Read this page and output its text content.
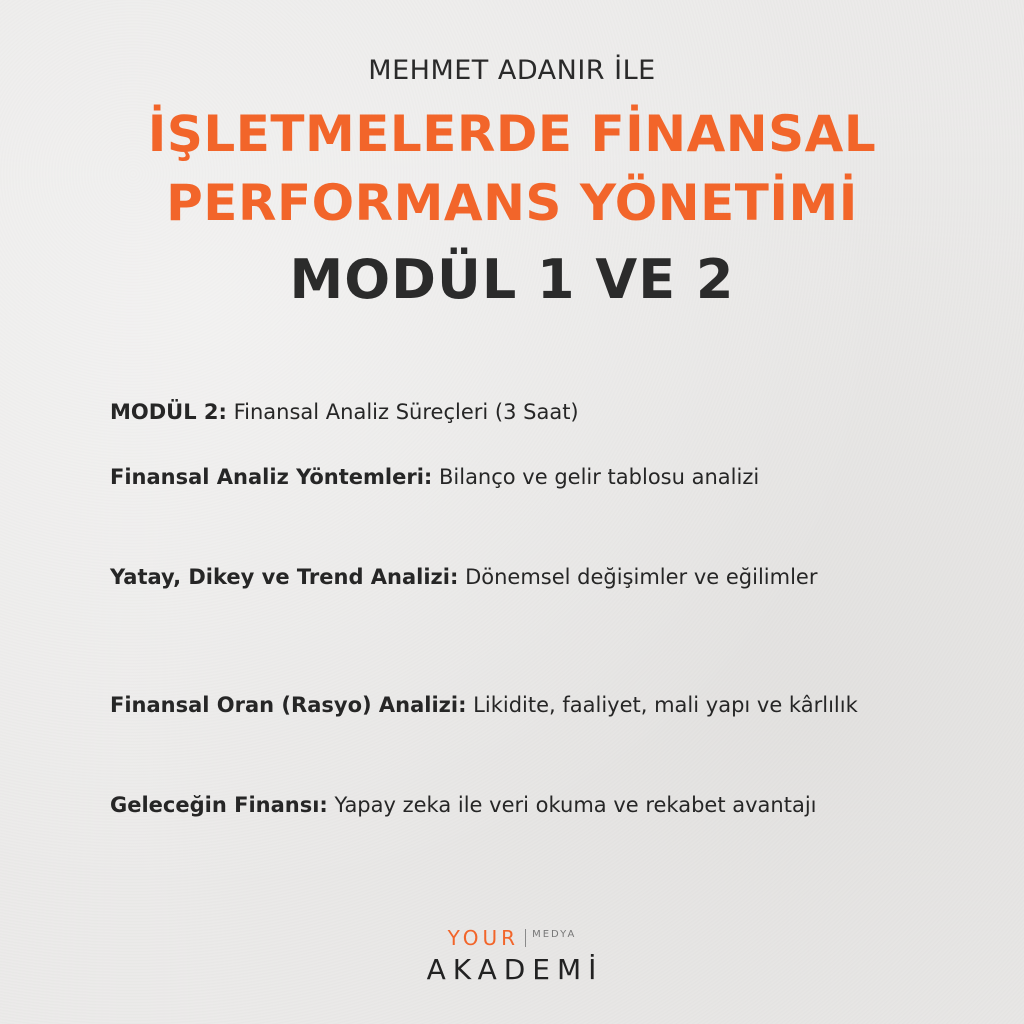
MEHMET ADANIR İLE
İŞLETMELERDE FİNANSAL
PERFORMANS YÖNETİMİ
MODÜL 1 VE 2
MODÜL 2: Finansal Analiz Süreçleri (3 Saat)
Finansal Analiz Yöntemleri: Bilanço ve gelir tablosu analizi
Yatay, Dikey ve Trend Analizi: Dönemsel değişimler ve eğilimler
Finansal Oran (Rasyo) Analizi: Likidite, faaliyet, mali yapı ve kârlılık
Geleceğin Finansı: Yapay zeka ile veri okuma ve rekabet avantajı
YOUR MEDYA
AKADEMİ
